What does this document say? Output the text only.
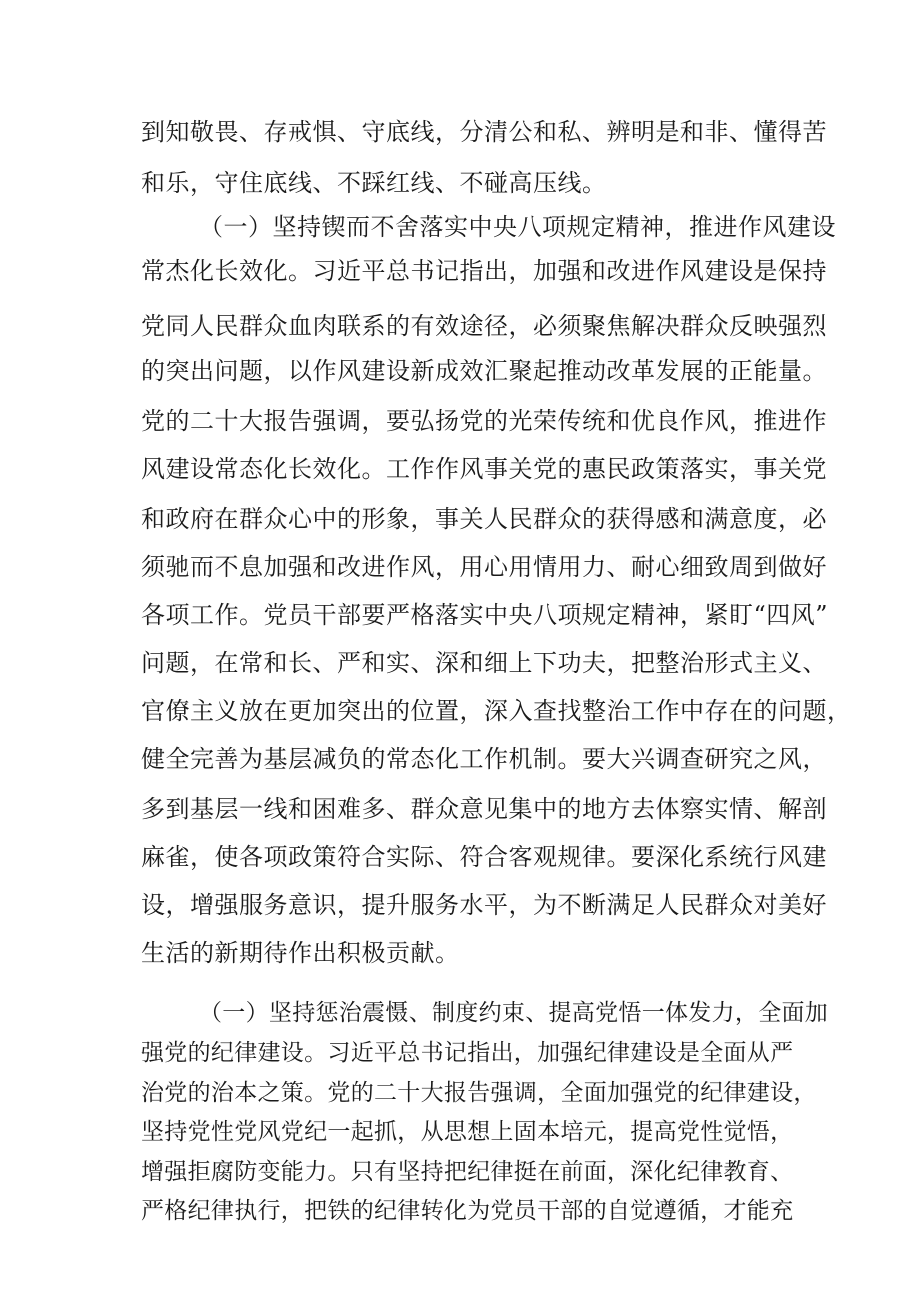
到知敬畏、存戒惧、守底线，分清公和私、辨明是和非、懂得苦
和乐，守住底线、不踩红线、不碰高压线。
（一）坚持锲而不舍落实中央八项规定精神，推进作风建设
常杰化长效化。习近平总书记指出，加强和改进作风建设是保持
党同人民群众血肉联系的有效途径，必须聚焦解决群众反映强烈
的突出问题，以作风建设新成效汇聚起推动改革发展的正能量。
党的二十大报告强调，要弘扬党的光荣传统和优良作风，推进作
风建设常态化长效化。工作作风事关党的惠民政策落实，事关党
和政府在群众心中的形象，事关人民群众的获得感和满意度，必
须驰而不息加强和改进作风，用心用情用力、耐心细致周到做好
各项工作。党员干部要严格落实中央八项规定精神，紧盯“四风”
问题，在常和长、严和实、深和细上下功夫，把整治形式主义、
官僚主义放在更加突出的位置，深入查找整治工作中存在的问题，
健全完善为基层减负的常态化工作机制。要大兴调查研究之风，
多到基层一线和困难多、群众意见集中的地方去体察实情、解剖
麻雀，使各项政策符合实际、符合客观规律。要深化系统行风建
设，增强服务意识，提升服务水平，为不断满足人民群众对美好
生活的新期待作出积极贡献。
（一）坚持惩治震慑、制度约束、提高党悟一体发力，全面加
强党的纪律建设。习近平总书记指出，加强纪律建设是全面从严
治党的治本之策。党的二十大报告强调，全面加强党的纪律建设，
坚持党性党风党纪一起抓，从思想上固本培元，提高党性觉悟，
增强拒腐防变能力。只有坚持把纪律挺在前面，深化纪律教育、
严格纪律执行，把铁的纪律转化为党员干部的自觉遵循，才能充
